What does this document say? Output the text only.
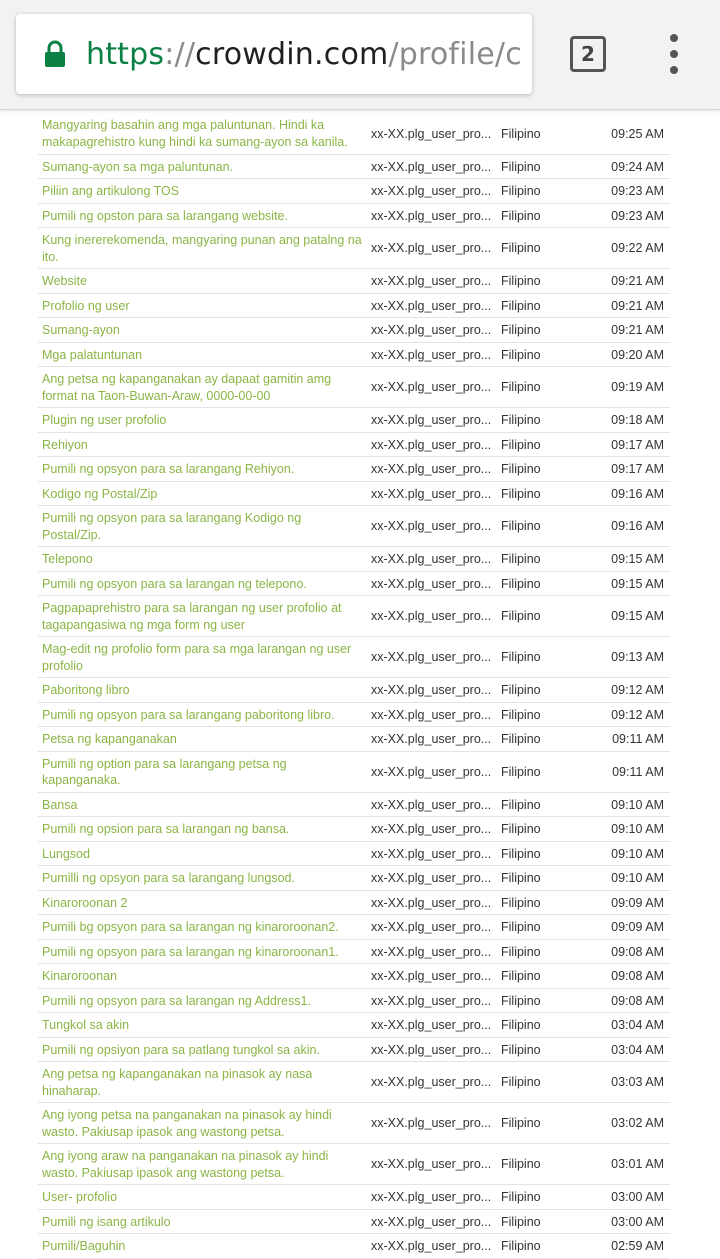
https://crowdin.com/profile/c	2
Mangyaring basahin ang mga paluntunan. Hindi ka makapagrehistro kung hindi ka sumang-ayon sa kanila.	xx-XX.plg_user_pro...	Filipino	09:25 AM
Sumang-ayon sa mga paluntunan.	xx-XX.plg_user_pro...	Filipino	09:24 AM
Piliin ang artikulong TOS	xx-XX.plg_user_pro...	Filipino	09:23 AM
Pumili ng opston para sa larangang website.	xx-XX.plg_user_pro...	Filipino	09:23 AM
Kung inererekomenda, mangyaring punan ang patalng na ito.	xx-XX.plg_user_pro...	Filipino	09:22 AM
Website	xx-XX.plg_user_pro...	Filipino	09:21 AM
Profolio ng user	xx-XX.plg_user_pro...	Filipino	09:21 AM
Sumang-ayon	xx-XX.plg_user_pro...	Filipino	09:21 AM
Mga palatuntunan	xx-XX.plg_user_pro...	Filipino	09:20 AM
Ang petsa ng kapanganakan ay dapaat gamitin amg format na Taon-Buwan-Araw, 0000-00-00	xx-XX.plg_user_pro...	Filipino	09:19 AM
Plugin ng user profolio	xx-XX.plg_user_pro...	Filipino	09:18 AM
Rehiyon	xx-XX.plg_user_pro...	Filipino	09:17 AM
Pumili ng opsyon para sa larangang Rehiyon.	xx-XX.plg_user_pro...	Filipino	09:17 AM
Kodigo ng Postal/Zip	xx-XX.plg_user_pro...	Filipino	09:16 AM
Pumili ng opsyon para sa larangang Kodigo ng Postal/Zip.	xx-XX.plg_user_pro...	Filipino	09:16 AM
Telepono	xx-XX.plg_user_pro...	Filipino	09:15 AM
Pumili ng opsyon para sa larangan ng telepono.	xx-XX.plg_user_pro...	Filipino	09:15 AM
Pagpapaprehistro para sa larangan ng user profolio at tagapangasiwa ng mga form ng user	xx-XX.plg_user_pro...	Filipino	09:15 AM
Mag-edit ng profolio form para sa mga larangan ng user profolio	xx-XX.plg_user_pro...	Filipino	09:13 AM
Paboritong libro	xx-XX.plg_user_pro...	Filipino	09:12 AM
Pumili ng opsyon para sa larangang paboritong libro.	xx-XX.plg_user_pro...	Filipino	09:12 AM
Petsa ng kapanganakan	xx-XX.plg_user_pro...	Filipino	09:11 AM
Pumili ng option para sa larangang petsa ng kapanganaka.	xx-XX.plg_user_pro...	Filipino	09:11 AM
Bansa	xx-XX.plg_user_pro...	Filipino	09:10 AM
Pumili ng opsion para sa larangan ng bansa.	xx-XX.plg_user_pro...	Filipino	09:10 AM
Lungsod	xx-XX.plg_user_pro...	Filipino	09:10 AM
Pumilli ng opsyon para sa larangang lungsod.	xx-XX.plg_user_pro...	Filipino	09:10 AM
Kinaroroonan 2	xx-XX.plg_user_pro...	Filipino	09:09 AM
Pumili bg opsyon para sa larangan ng kinaroroonan2.	xx-XX.plg_user_pro...	Filipino	09:09 AM
Pumili ng opsyon para sa larangan ng kinaroroonan1.	xx-XX.plg_user_pro...	Filipino	09:08 AM
Kinaroroonan	xx-XX.plg_user_pro...	Filipino	09:08 AM
Pumili ng opsyon para sa larangan ng Address1.	xx-XX.plg_user_pro...	Filipino	09:08 AM
Tungkol sa akin	xx-XX.plg_user_pro...	Filipino	03:04 AM
Pumili ng opsiyon para sa patlang tungkol sa akin.	xx-XX.plg_user_pro...	Filipino	03:04 AM
Ang petsa ng kapanganakan na pinasok ay nasa hinaharap.	xx-XX.plg_user_pro...	Filipino	03:03 AM
Ang iyong petsa na panganakan na pinasok ay hindi wasto. Pakiusap ipasok ang wastong petsa.	xx-XX.plg_user_pro...	Filipino	03:02 AM
Ang iyong araw na panganakan na pinasok ay hindi wasto. Pakiusap ipasok ang wastong petsa.	xx-XX.plg_user_pro...	Filipino	03:01 AM
User- profolio	xx-XX.plg_user_pro...	Filipino	03:00 AM
Pumili ng isang artikulo	xx-XX.plg_user_pro...	Filipino	03:00 AM
Pumili/Baguhin	xx-XX.plg_user_pro...	Filipino	02:59 AM
